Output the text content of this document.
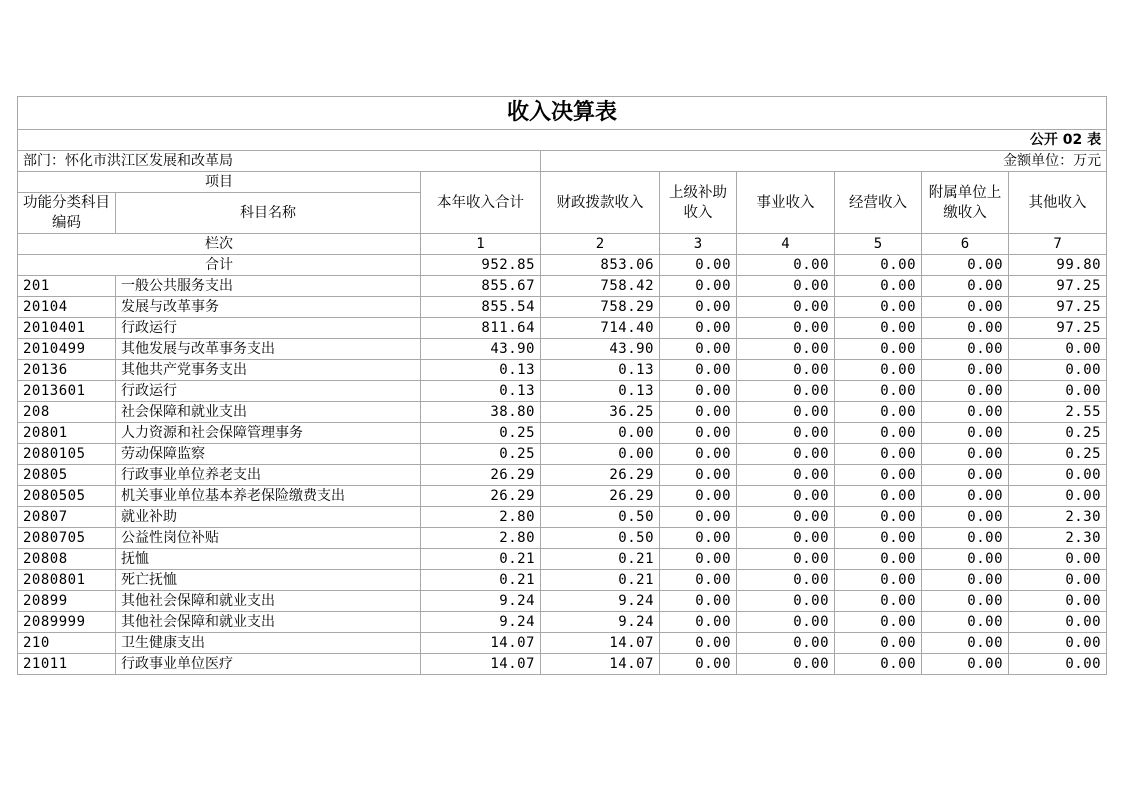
收入决算表								
公开 02 表								
部门：怀化市洪江区发展和改革局			金额单位：万元					
项目		本年收入合计	财政拨款收入	上级补助收入	事业收入	经营收入	附属单位上缴收入	其他收入
功能分类科目编码	科目名称							
栏次		1	2	3	4	5	6	7
合计		952.85	853.06	0.00	0.00	0.00	0.00	99.80
201	一般公共服务支出	855.67	758.42	0.00	0.00	0.00	0.00	97.25
20104	发展与改革事务	855.54	758.29	0.00	0.00	0.00	0.00	97.25
2010401	行政运行	811.64	714.40	0.00	0.00	0.00	0.00	97.25
2010499	其他发展与改革事务支出	43.90	43.90	0.00	0.00	0.00	0.00	0.00
20136	其他共产党事务支出	0.13	0.13	0.00	0.00	0.00	0.00	0.00
2013601	行政运行	0.13	0.13	0.00	0.00	0.00	0.00	0.00
208	社会保障和就业支出	38.80	36.25	0.00	0.00	0.00	0.00	2.55
20801	人力资源和社会保障管理事务	0.25	0.00	0.00	0.00	0.00	0.00	0.25
2080105	劳动保障监察	0.25	0.00	0.00	0.00	0.00	0.00	0.25
20805	行政事业单位养老支出	26.29	26.29	0.00	0.00	0.00	0.00	0.00
2080505	机关事业单位基本养老保险缴费支出	26.29	26.29	0.00	0.00	0.00	0.00	0.00
20807	就业补助	2.80	0.50	0.00	0.00	0.00	0.00	2.30
2080705	公益性岗位补贴	2.80	0.50	0.00	0.00	0.00	0.00	2.30
20808	抚恤	0.21	0.21	0.00	0.00	0.00	0.00	0.00
2080801	死亡抚恤	0.21	0.21	0.00	0.00	0.00	0.00	0.00
20899	其他社会保障和就业支出	9.24	9.24	0.00	0.00	0.00	0.00	0.00
2089999	其他社会保障和就业支出	9.24	9.24	0.00	0.00	0.00	0.00	0.00
210	卫生健康支出	14.07	14.07	0.00	0.00	0.00	0.00	0.00
21011	行政事业单位医疗	14.07	14.07	0.00	0.00	0.00	0.00	0.00
